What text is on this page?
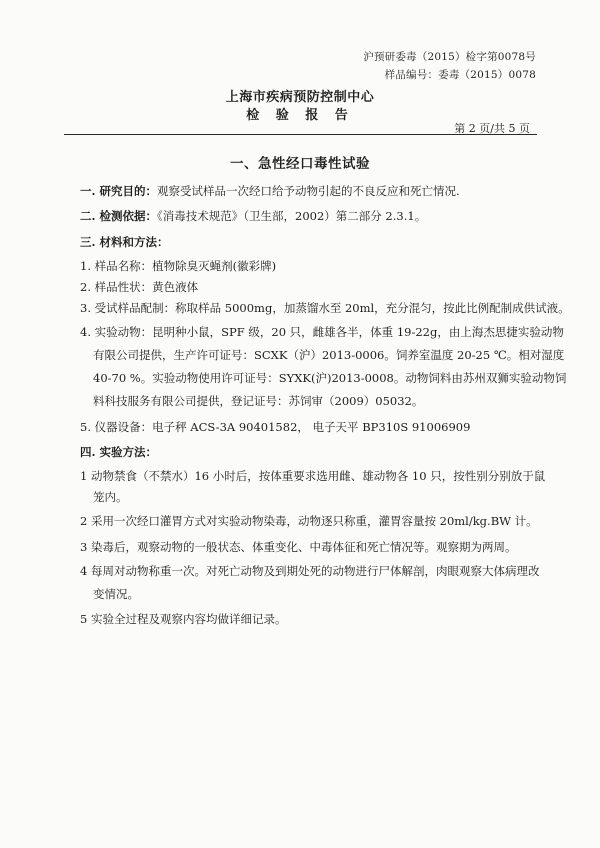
沪预研委毒（2015）检字第0078号
样品编号：委毒（2015）0078
上海市疾病预防控制中心
检 验 报 告
第 2 页/共 5 页
一、急性经口毒性试验
一. 研究目的：观察受试样品一次经口给予动物引起的不良反应和死亡情况.
二. 检测依据：《消毒技术规范》（卫生部，2002）第二部分 2.3.1。
三. 材料和方法：
1. 样品名称：植物除臭灭蝇剂(徽彩牌)
2. 样品性状：黄色液体
3. 受试样品配制：称取样品 5000mg，加蒸馏水至 20ml，充分混匀，按此比例配制成供试液。
4. 实验动物：昆明种小鼠，SPF 级，20 只，雌雄各半，体重 19-22g，由上海杰思捷实验动物
有限公司提供，生产许可证号：SCXK（沪）2013-0006。饲养室温度 20-25 ℃。相对湿度
40-70 %。实验动物使用许可证号：SYXK(沪)2013-0008。动物饲料由苏州双狮实验动物饲
料科技服务有限公司提供，登记证号：苏饲审（2009）05032。
5. 仪器设备：电子秤 ACS-3A 90401582， 电子天平 BP310S 91006909
四. 实验方法：
1 动物禁食（不禁水）16 小时后，按体重要求选用雌、雄动物各 10 只，按性别分别放于鼠
笼内。
2 采用一次经口灌胃方式对实验动物染毒，动物逐只称重，灌胃容量按 20ml/kg.BW 计。
3 染毒后，观察动物的一般状态、体重变化、中毒体征和死亡情况等。观察期为两周。
4 每周对动物称重一次。对死亡动物及到期处死的动物进行尸体解剖，肉眼观察大体病理改
变情况。
5 实验全过程及观察内容均做详细记录。
